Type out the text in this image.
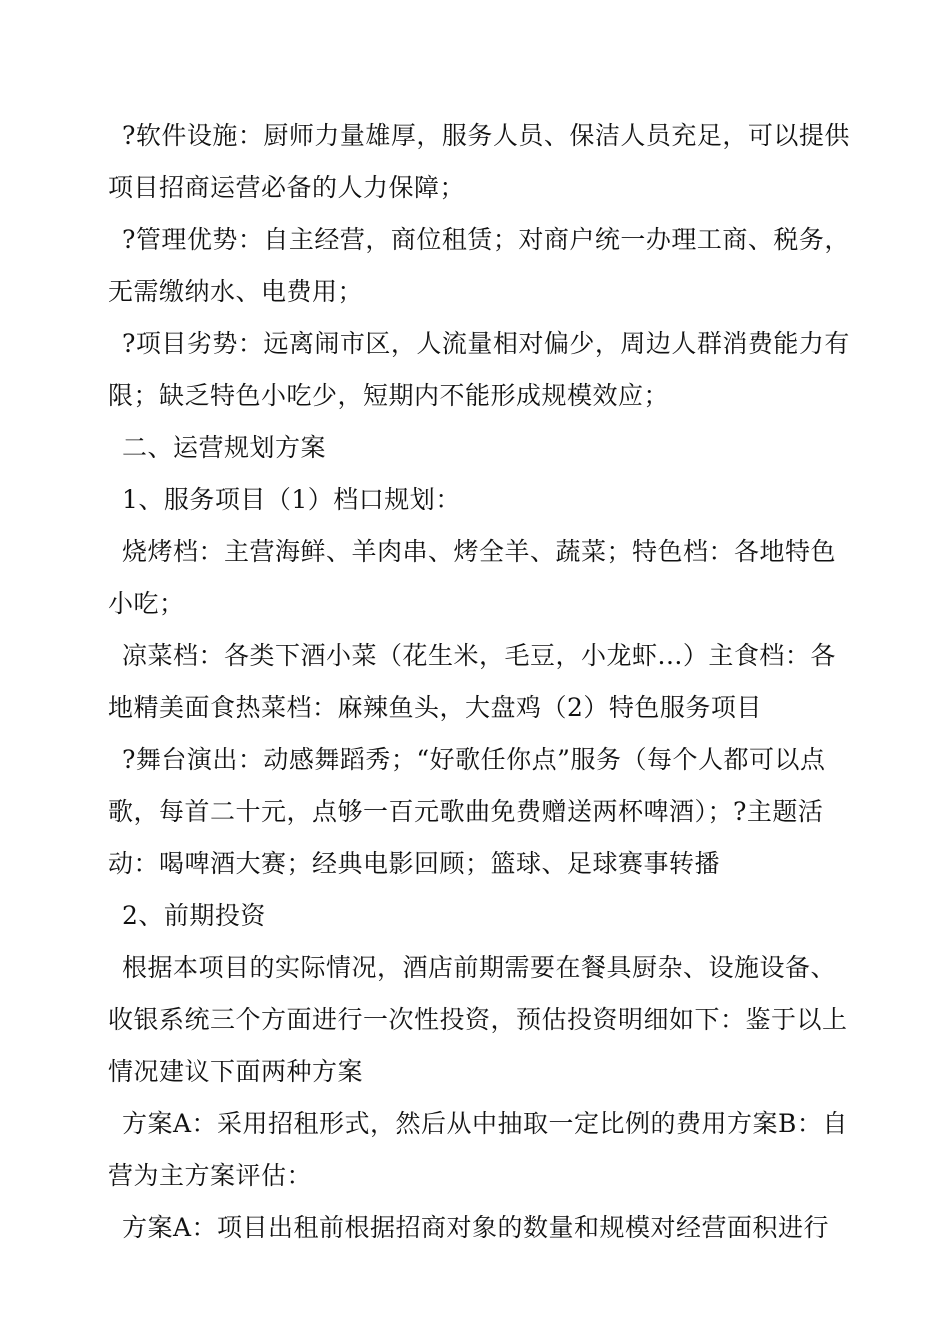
?软件设施：厨师力量雄厚，服务人员、保洁人员充足，可以提供项目招商运营必备的人力保障；

?管理优势：自主经营，商位租赁；对商户统一办理工商、税务，无需缴纳水、电费用；

?项目劣势：远离闹市区，人流量相对偏少，周边人群消费能力有限；缺乏特色小吃少，短期内不能形成规模效应；

二、运营规划方案

1、服务项目（1）档口规划：

烧烤档：主营海鲜、羊肉串、烤全羊、蔬菜；特色档：各地特色小吃；

凉菜档：各类下酒小菜（花生米，毛豆，小龙虾...）主食档：各地精美面食热菜档：麻辣鱼头，大盘鸡（2）特色服务项目

?舞台演出：动感舞蹈秀；“好歌任你点”服务（每个人都可以点歌，每首二十元，点够一百元歌曲免费赠送两杯啤酒）；?主题活动：喝啤酒大赛；经典电影回顾；篮球、足球赛事转播

2、前期投资

根据本项目的实际情况，酒店前期需要在餐具厨杂、设施设备、收银系统三个方面进行一次性投资，预估投资明细如下：鉴于以上情况建议下面两种方案

方案A：采用招租形式，然后从中抽取一定比例的费用方案B：自营为主方案评估：

方案A：项目出租前根据招商对象的数量和规模对经营面积进行
